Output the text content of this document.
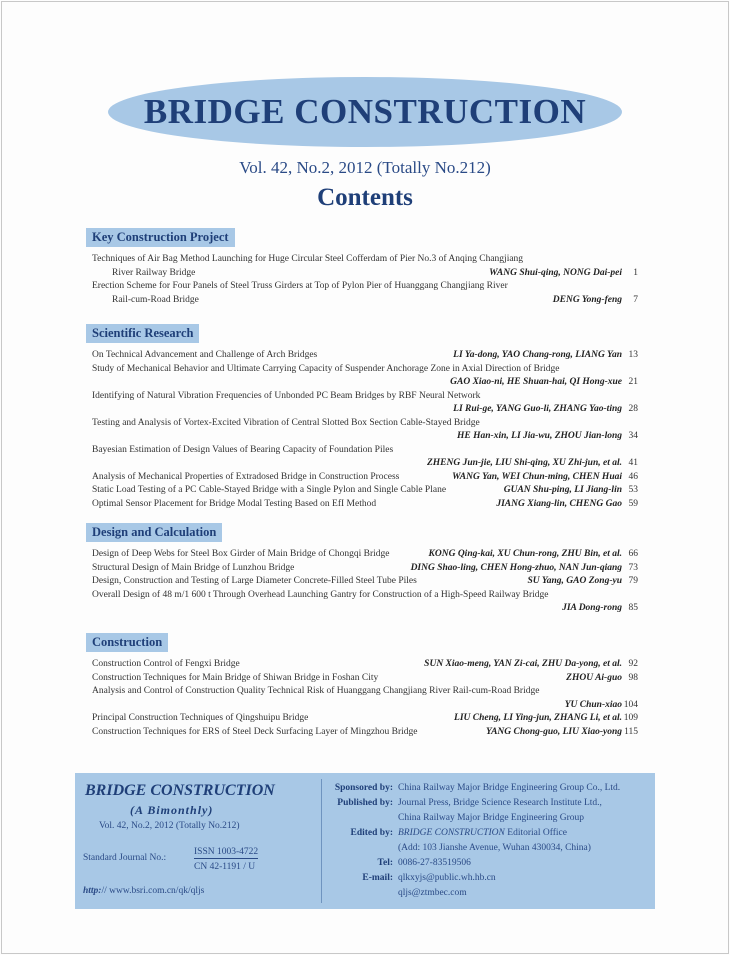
BRIDGE CONSTRUCTION
Vol. 42, No.2, 2012 (Totally No.212)
Contents
Key Construction Project
Techniques of Air Bag Method Launching for Huge Circular Steel Cofferdam of Pier No.3 of Anqing Changjiang
River Railway Bridge	WANG Shui-qing, NONG Dai-pei	1
Erection Scheme for Four Panels of Steel Truss Girders at Top of Pylon Pier of Huanggang Changjiang River
Rail-cum-Road Bridge	DENG Yong-feng	7
Scientific Research
On Technical Advancement and Challenge of Arch Bridges	LI Ya-dong, YAO Chang-rong, LIANG Yan 13
Study of Mechanical Behavior and Ultimate Carrying Capacity of Suspender Anchorage Zone in Axial Direction of Bridge
GAO Xiao-ni, HE Shuan-hai, QI Hong-xue 21
Identifying of Natural Vibration Frequencies of Unbonded PC Beam Bridges by RBF Neural Network
LI Rui-ge, YANG Guo-li, ZHANG Yao-ting 28
Testing and Analysis of Vortex-Excited Vibration of Central Slotted Box Section Cable-Stayed Bridge
HE Han-xin, LI Jia-wu, ZHOU Jian-long 34
Bayesian Estimation of Design Values of Bearing Capacity of Foundation Piles
ZHENG Jun-jie, LIU Shi-qing, XU Zhi-jun, et al. 41
Analysis of Mechanical Properties of Extradosed Bridge in Construction Process	WANG Yan, WEI Chun-ming, CHEN Huai 46
Static Load Testing of a PC Cable-Stayed Bridge with a Single Pylon and Single Cable Plane	GUAN Shu-ping, LI Jiang-lin 53
Optimal Sensor Placement for Bridge Modal Testing Based on EfI Method	JIANG Xiang-lin, CHENG Gao 59
Design and Calculation
Design of Deep Webs for Steel Box Girder of Main Bridge of Chongqi Bridge	KONG Qing-kai, XU Chun-rong, ZHU Bin, et al. 66
Structural Design of Main Bridge of Lunzhou Bridge	DING Shao-ling, CHEN Hong-zhuo, NAN Jun-qiang 73
Design, Construction and Testing of Large Diameter Concrete-Filled Steel Tube Piles	SU Yang, GAO Zong-yu 79
Overall Design of 48 m/1 600 t Through Overhead Launching Gantry for Construction of a High-Speed Railway Bridge
JIA Dong-rong 85
Construction
Construction Control of Fengxi Bridge	SUN Xiao-meng, YAN Zi-cai, ZHU Da-yong, et al. 92
Construction Techniques for Main Bridge of Shiwan Bridge in Foshan City	ZHOU Ai-guo 98
Analysis and Control of Construction Quality Technical Risk of Huanggang Changjiang River Rail-cum-Road Bridge
YU Chun-xiao 104
Principal Construction Techniques of Qingshuipu Bridge	LIU Cheng, LI Ying-jun, ZHANG Li, et al. 109
Construction Techniques for ERS of Steel Deck Surfacing Layer of Mingzhou Bridge	YANG Chong-guo, LIU Xiao-yong 115
BRIDGE CONSTRUCTION
(A Bimonthly)
Vol. 42, No.2, 2012 (Totally No.212)
Standard Journal No.:
ISSN 1003-4722
CN 42-1191 / U
http:// www.bsri.com.cn/qk/qljs
Sponsored by: China Railway Major Bridge Engineering Group Co., Ltd.
Published by: Journal Press, Bridge Science Research Institute Ltd.,
China Railway Major Bridge Engineering Group
Edited by: BRIDGE CONSTRUCTION Editorial Office
(Add: 103 Jianshe Avenue, Wuhan 430034, China)
Tel: 0086-27-83519506
E-mail: qlkxyjs@public.wh.hb.cn
qljs@ztmbec.com
